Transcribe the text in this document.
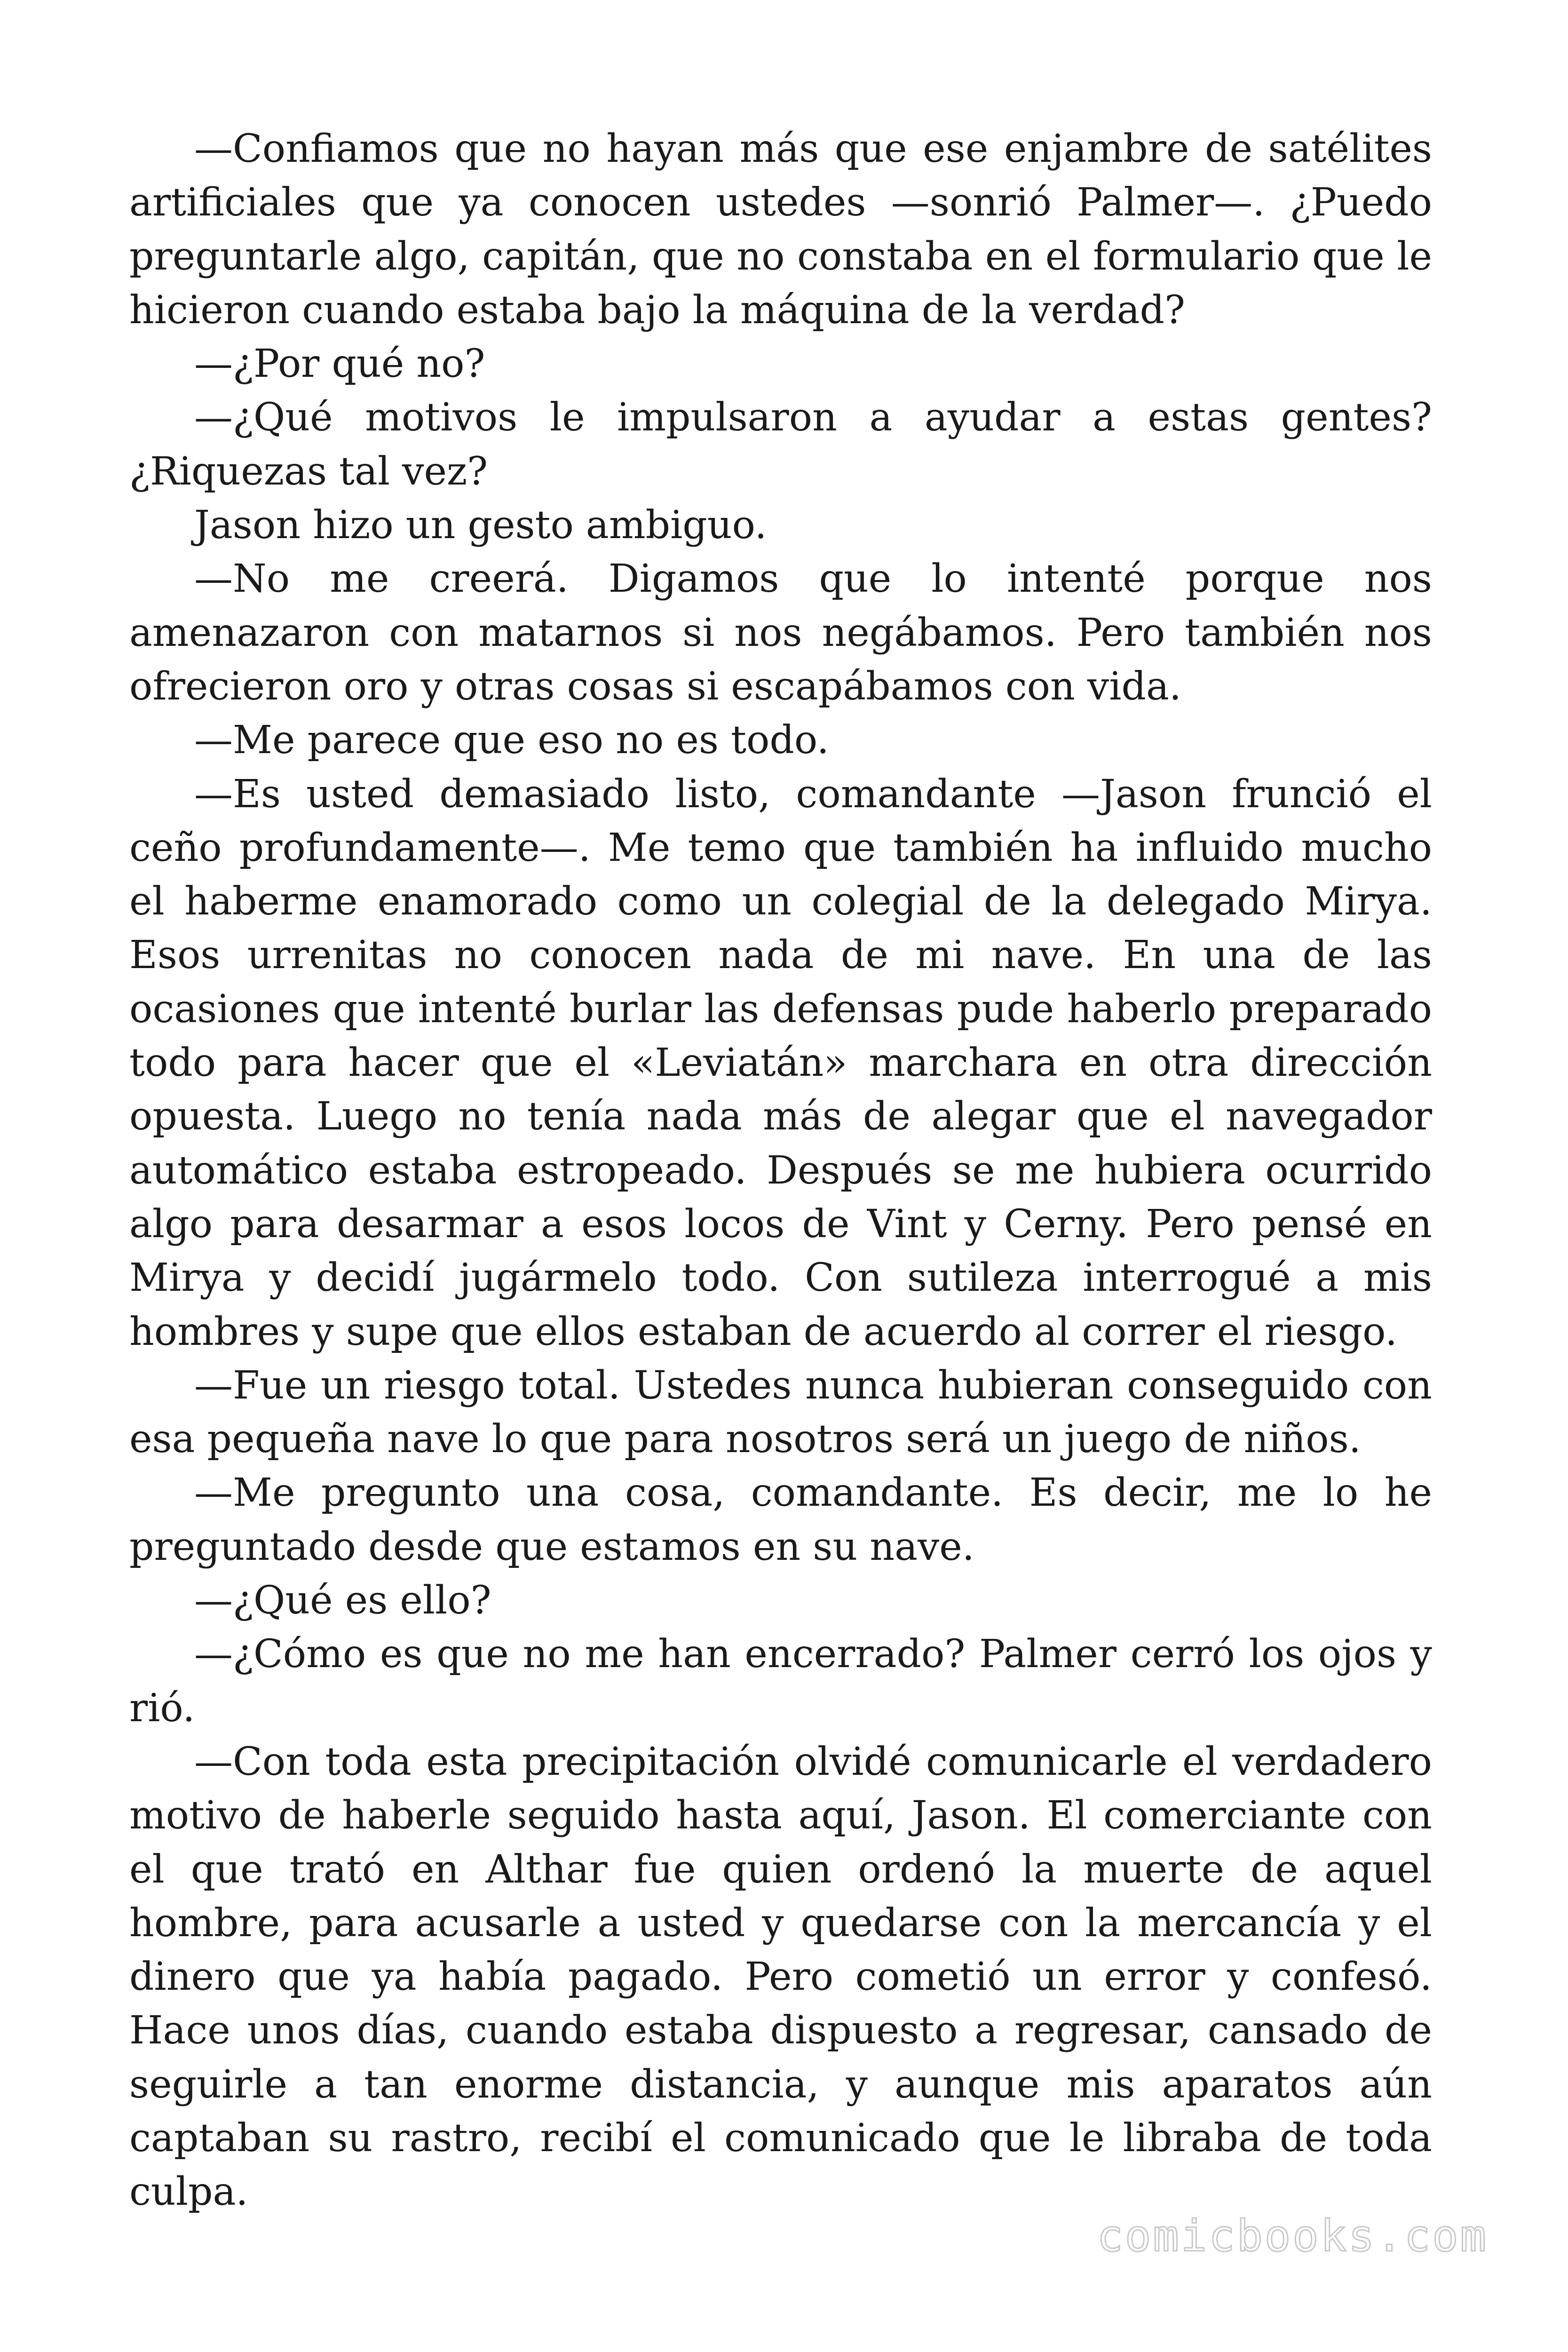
—Confiamos que no hayan más que ese enjambre de satélites artificiales que ya conocen ustedes —sonrió Palmer—. ¿Puedo preguntarle algo, capitán, que no constaba en el formulario que le hicieron cuando estaba bajo la máquina de la verdad?

—¿Por qué no?

—¿Qué motivos le impulsaron a ayudar a estas gentes? ¿Riquezas tal vez?

Jason hizo un gesto ambiguo.

—No me creerá. Digamos que lo intenté porque nos amenazaron con matarnos si nos negábamos. Pero también nos ofrecieron oro y otras cosas si escapábamos con vida.

—Me parece que eso no es todo.

—Es usted demasiado listo, comandante —Jason frunció el ceño profundamente—. Me temo que también ha influido mucho el haberme enamorado como un colegial de la delegado Mirya. Esos urrenitas no conocen nada de mi nave. En una de las ocasiones que intenté burlar las defensas pude haberlo preparado todo para hacer que el «Leviatán» marchara en otra dirección opuesta. Luego no tenía nada más de alegar que el navegador automático estaba estropeado. Después se me hubiera ocurrido algo para desarmar a esos locos de Vint y Cerny. Pero pensé en Mirya y decidí jugármelo todo. Con sutileza interrogué a mis hombres y supe que ellos estaban de acuerdo al correr el riesgo.

—Fue un riesgo total. Ustedes nunca hubieran conseguido con esa pequeña nave lo que para nosotros será un juego de niños.

—Me pregunto una cosa, comandante. Es decir, me lo he preguntado desde que estamos en su nave.

—¿Qué es ello?

—¿Cómo es que no me han encerrado? Palmer cerró los ojos y rió.

—Con toda esta precipitación olvidé comunicarle el verdadero motivo de haberle seguido hasta aquí, Jason. El comerciante con el que trató en Althar fue quien ordenó la muerte de aquel hombre, para acusarle a usted y quedarse con la mercancía y el dinero que ya había pagado. Pero cometió un error y confesó. Hace unos días, cuando estaba dispuesto a regresar, cansado de seguirle a tan enorme distancia, y aunque mis aparatos aún captaban su rastro, recibí el comunicado que le libraba de toda culpa.

comicbooks.com
